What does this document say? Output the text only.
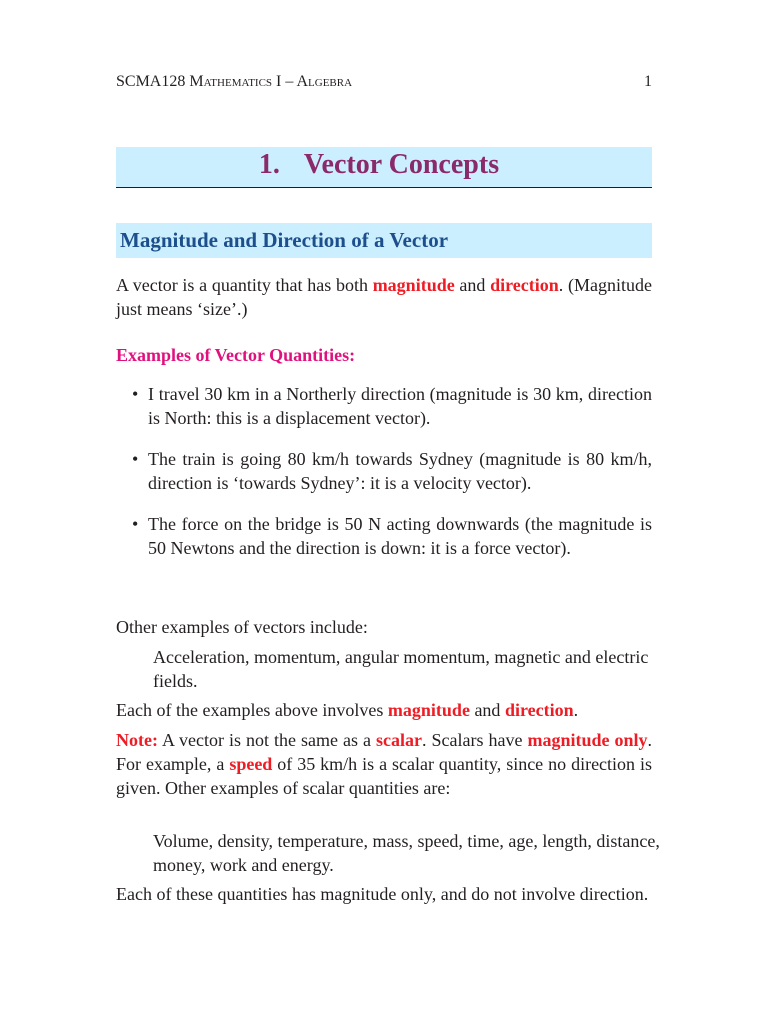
SCMA128 Mathematics I – Algebra	1
1. Vector Concepts
Magnitude and Direction of a Vector
A vector is a quantity that has both magnitude and direction. (Magnitude just means ‘size’.)
Examples of Vector Quantities:
• I travel 30 km in a Northerly direction (magnitude is 30 km, direction is North: this is a displacement vector).
• The train is going 80 km/h towards Sydney (magnitude is 80 km/h, direction is ‘towards Sydney’: it is a velocity vector).
• The force on the bridge is 50 N acting downwards (the magnitude is 50 Newtons and the direction is down: it is a force vector).
Other examples of vectors include:
Acceleration, momentum, angular momentum, magnetic and electric fields.
Each of the examples above involves magnitude and direction.
Note: A vector is not the same as a scalar. Scalars have magnitude only. For example, a speed of 35 km/h is a scalar quantity, since no direction is given. Other examples of scalar quantities are:
Volume, density, temperature, mass, speed, time, age, length, distance, money, work and energy.
Each of these quantities has magnitude only, and do not involve direction.
